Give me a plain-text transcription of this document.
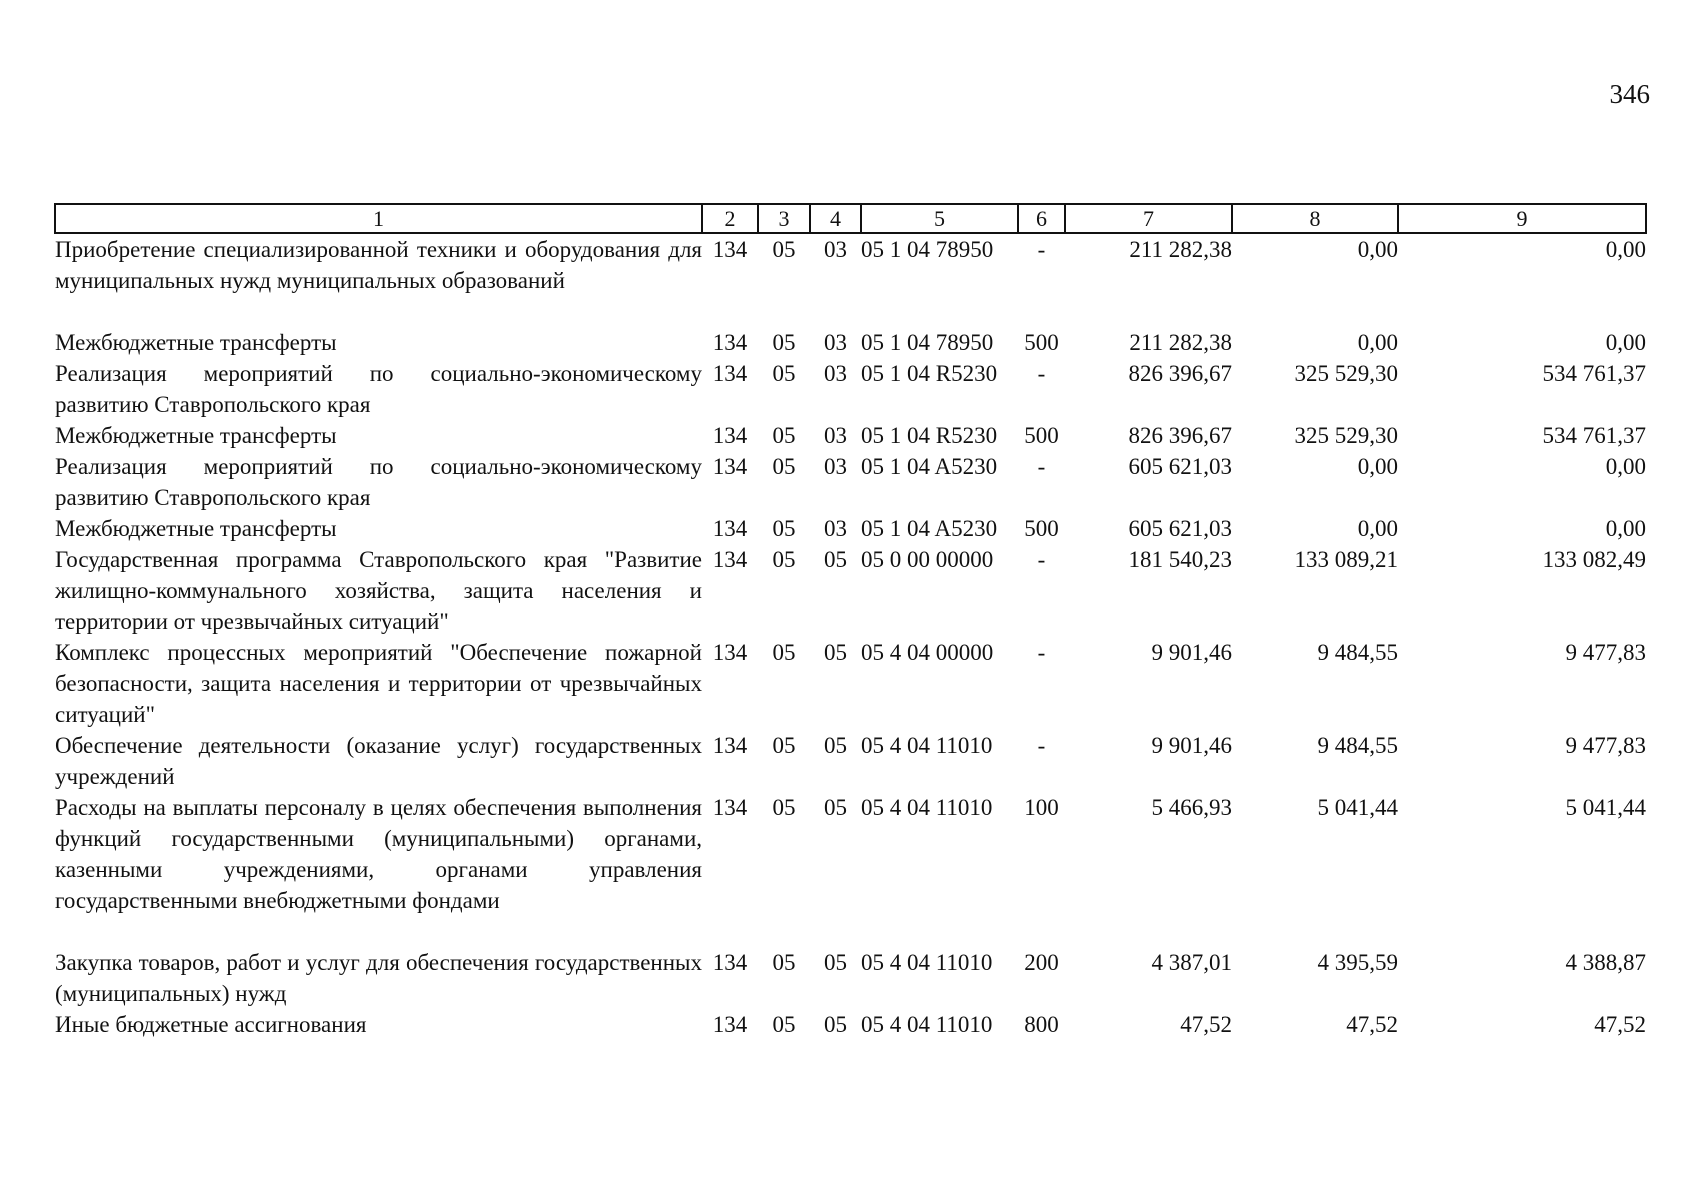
346
1	2	3	4	5	6	7	8	9
Приобретение специализированной техники и оборудования для муниципальных нужд муниципальных образований	134	05	03	05 1 04 78950	-	211 282,38	0,00	0,00
Межбюджетные трансферты	134	05	03	05 1 04 78950	500	211 282,38	0,00	0,00
Реализация мероприятий по социально-экономическому развитию Ставропольского края	134	05	03	05 1 04 R5230	-	826 396,67	325 529,30	534 761,37
Межбюджетные трансферты	134	05	03	05 1 04 R5230	500	826 396,67	325 529,30	534 761,37
Реализация мероприятий по социально-экономическому развитию Ставропольского края	134	05	03	05 1 04 A5230	-	605 621,03	0,00	0,00
Межбюджетные трансферты	134	05	03	05 1 04 A5230	500	605 621,03	0,00	0,00
Государственная программа Ставропольского края "Развитие жилищно-коммунального хозяйства, защита населения и территории от чрезвычайных ситуаций"	134	05	05	05 0 00 00000	-	181 540,23	133 089,21	133 082,49
Комплекс процессных мероприятий "Обеспечение пожарной безопасности, защита населения и территории от чрезвычайных ситуаций"	134	05	05	05 4 04 00000	-	9 901,46	9 484,55	9 477,83
Обеспечение деятельности (оказание услуг) государственных учреждений	134	05	05	05 4 04 11010	-	9 901,46	9 484,55	9 477,83
Расходы на выплаты персоналу в целях обеспечения выполнения функций государственными (муниципальными) органами, казенными учреждениями, органами управления государственными внебюджетными фондами	134	05	05	05 4 04 11010	100	5 466,93	5 041,44	5 041,44
Закупка товаров, работ и услуг для обеспечения государственных (муниципальных) нужд	134	05	05	05 4 04 11010	200	4 387,01	4 395,59	4 388,87
Иные бюджетные ассигнования	134	05	05	05 4 04 11010	800	47,52	47,52	47,52
